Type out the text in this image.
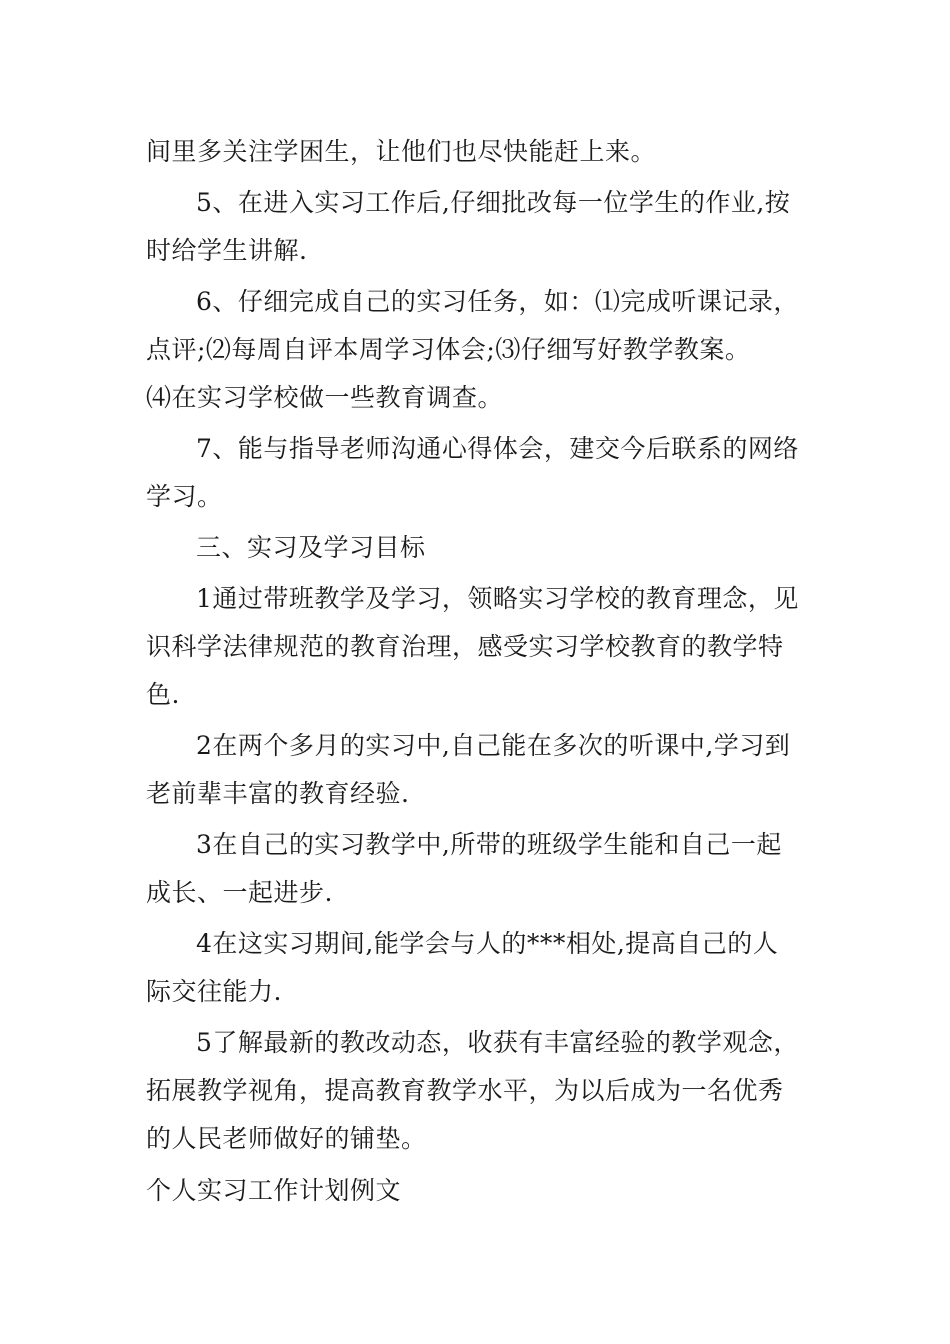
间里多关注学困生，让他们也尽快能赶上来。
5、在进入实习工作后,仔细批改每一位学生的作业,按
时给学生讲解.
6、仔细完成自己的实习任务，如：⑴完成听课记录，
点评;⑵每周自评本周学习体会;⑶仔细写好教学教案。
⑷在实习学校做一些教育调查。
7、能与指导老师沟通心得体会，建交今后联系的网络
学习。
三、实习及学习目标
1通过带班教学及学习，领略实习学校的教育理念，见
识科学法律规范的教育治理，感受实习学校教育的教学特
色.
2在两个多月的实习中,自己能在多次的听课中,学习到
老前辈丰富的教育经验.
3在自己的实习教学中,所带的班级学生能和自己一起
成长、一起进步.
4在这实习期间,能学会与人的***相处,提高自己的人
际交往能力.
5了解最新的教改动态，收获有丰富经验的教学观念，
拓展教学视角，提高教育教学水平，为以后成为一名优秀
的人民老师做好的铺垫。
个人实习工作计划例文
